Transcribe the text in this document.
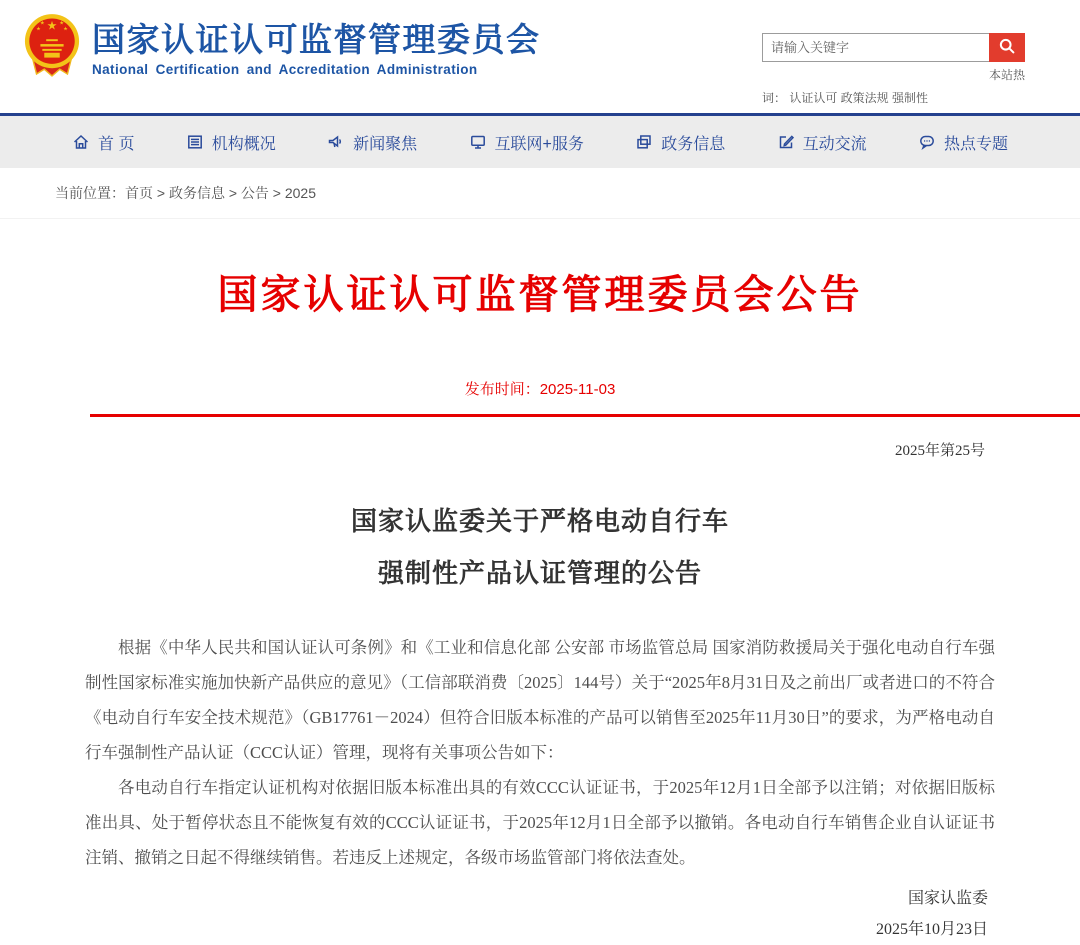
国家认证认可监督管理委员会
National Certification and Accreditation Administration
请输入关键字	本站热
词： 认证认可 政策法规 强制性
首 页	机构概况	新闻聚焦	互联网+服务	政务信息	互动交流	热点专题
当前位置：首页 > 政务信息 > 公告 > 2025
国家认证认可监督管理委员会公告
发布时间：2025-11-03
2025年第25号
国家认监委关于严格电动自行车
强制性产品认证管理的公告

根据《中华人民共和国认证认可条例》和《工业和信息化部 公安部 市场监管总局 国家消防救援局关于强化电动自行车强制性国家标准实施加快新产品供应的意见》（工信部联消费〔2025〕144号）关于“2025年8月31日及之前出厂或者进口的不符合《电动自行车安全技术规范》（GB17761－2024）但符合旧版本标准的产品可以销售至2025年11月30日”的要求，为严格电动自行车强制性产品认证（CCC认证）管理，现将有关事项公告如下：

各电动自行车指定认证机构对依据旧版本标准出具的有效CCC认证证书，于2025年12月1日全部予以注销；对依据旧版标准出具、处于暂停状态且不能恢复有效的CCC认证证书，于2025年12月1日全部予以撤销。各电动自行车销售企业自认证证书注销、撤销之日起不得继续销售。若违反上述规定，各级市场监管部门将依法查处。

国家认监委
2025年10月23日
